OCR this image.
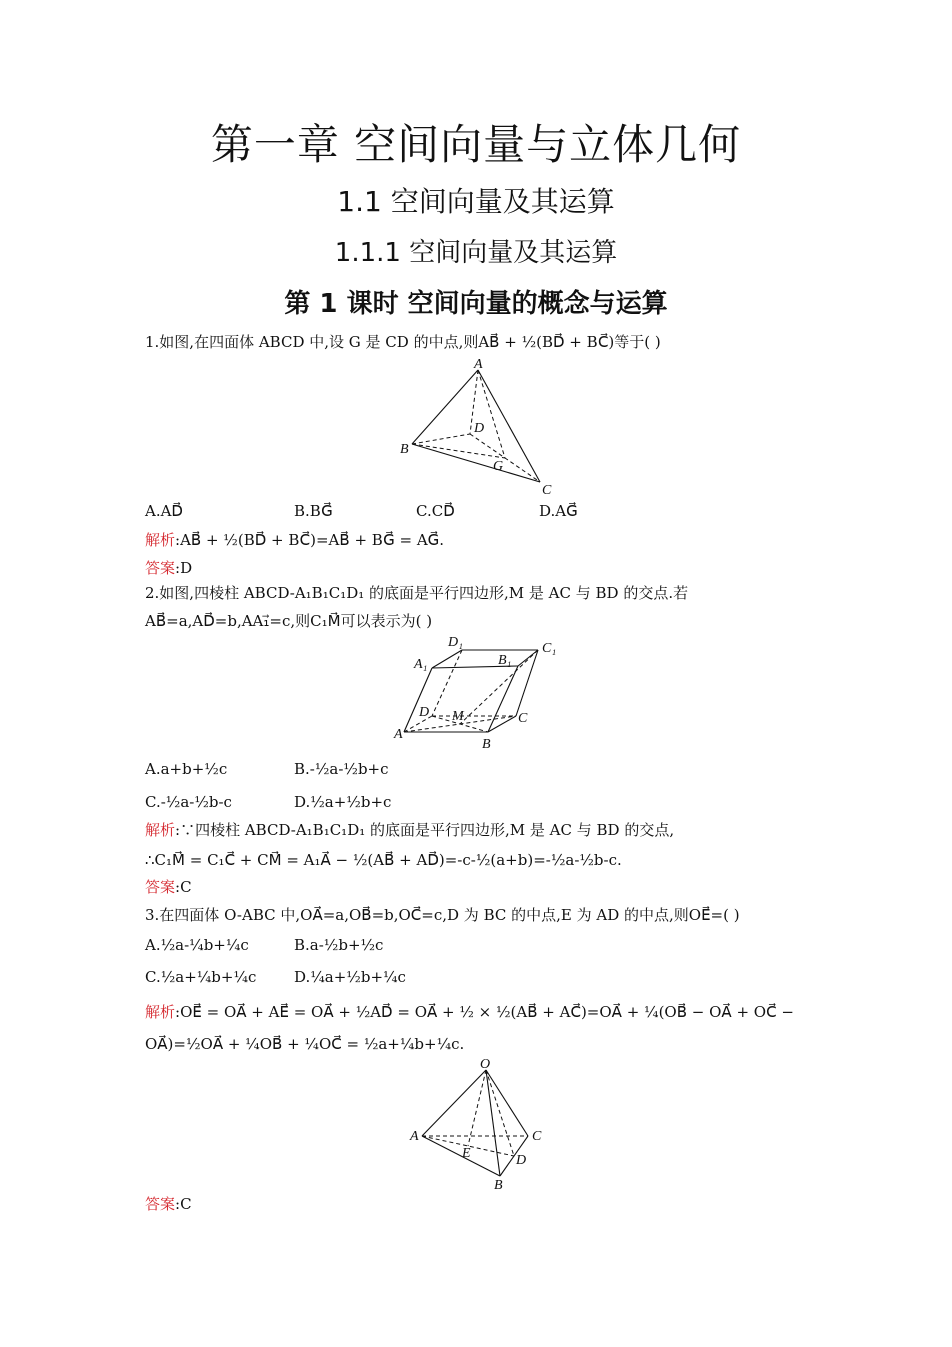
第一章 空间向量与立体几何
1.1 空间向量及其运算
1.1.1 空间向量及其运算
第 1 课时 空间向量的概念与运算
1.如图,在四面体 ABCD 中,设 G 是 CD 的中点,则AB⃗ + ½(BD⃗ + BC⃗)等于( )
A
D
B
G
C
A.AD⃗	B.BG⃗	C.CD⃗	D.AG⃗
解析:AB⃗ + ½(BD⃗ + BC⃗)=AB⃗ + BG⃗ = AG⃗.
答案:D
2.如图,四棱柱 ABCD-A₁B₁C₁D₁ 的底面是平行四边形,M 是 AC 与 BD 的交点.若
AB⃗=a,AD⃗=b,AA₁⃗=c,则C₁M⃗可以表示为( )
D₁	C₁
A₁	B₁
D M	C
A
B
A.a+b+½c	B.-½a-½b+c
C.-½a-½b-c	D.½a+½b+c
解析:∵四棱柱 ABCD-A₁B₁C₁D₁ 的底面是平行四边形,M 是 AC 与 BD 的交点,
∴C₁M⃗ = C₁C⃗ + CM⃗ = A₁A⃗ − ½(AB⃗ + AD⃗)=-c-½(a+b)=-½a-½b-c.
答案:C
3.在四面体 O-ABC 中,OA⃗=a,OB⃗=b,OC⃗=c,D 为 BC 的中点,E 为 AD 的中点,则OE⃗=( )
A.½a-¼b+¼c	B.a-½b+½c
C.½a+¼b+¼c	D.¼a+½b+¼c
解析:OE⃗ = OA⃗ + AE⃗ = OA⃗ + ½AD⃗ = OA⃗ + ½ × ½(AB⃗ + AC⃗)=OA⃗ + ¼(OB⃗ − OA⃗ + OC⃗ −
OA⃗)=½OA⃗ + ¼OB⃗ + ¼OC⃗ = ½a+¼b+¼c.
O
A	C
E	D
B
答案:C
